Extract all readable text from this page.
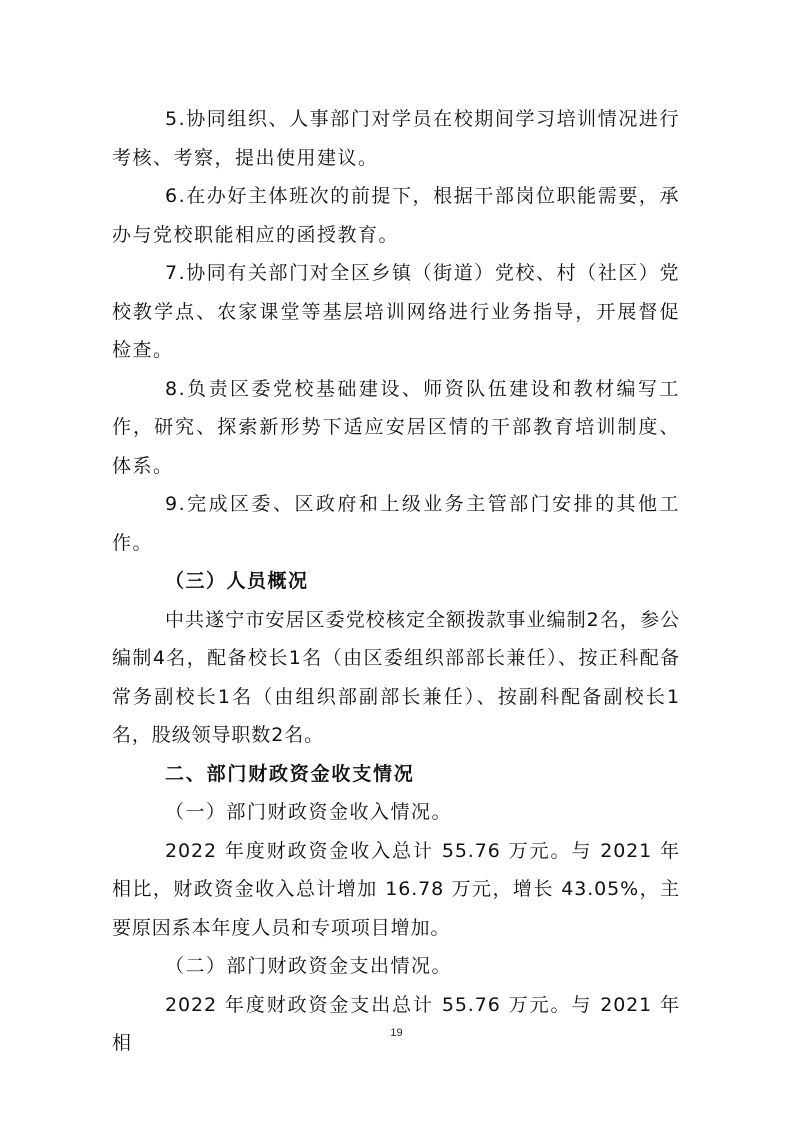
5.协同组织、人事部门对学员在校期间学习培训情况进行考核、考察，提出使用建议。

6.在办好主体班次的前提下，根据干部岗位职能需要，承办与党校职能相应的函授教育。

7.协同有关部门对全区乡镇（街道）党校、村（社区）党校教学点、农家课堂等基层培训网络进行业务指导，开展督促检查。

8.负责区委党校基础建设、师资队伍建设和教材编写工作，研究、探索新形势下适应安居区情的干部教育培训制度、体系。

9.完成区委、区政府和上级业务主管部门安排的其他工作。

（三）人员概况

中共遂宁市安居区委党校核定全额拨款事业编制2名，参公编制4名，配备校长1名（由区委组织部部长兼任）、按正科配备常务副校长1名（由组织部副部长兼任）、按副科配备副校长1名，股级领导职数2名。

二、部门财政资金收支情况

（一）部门财政资金收入情况。

2022 年度财政资金收入总计 55.76 万元。与 2021 年相比，财政资金收入总计增加 16.78 万元，增长 43.05%，主要原因系本年度人员和专项项目增加。

（二）部门财政资金支出情况。

2022 年度财政资金支出总计 55.76 万元。与 2021 年相	19
